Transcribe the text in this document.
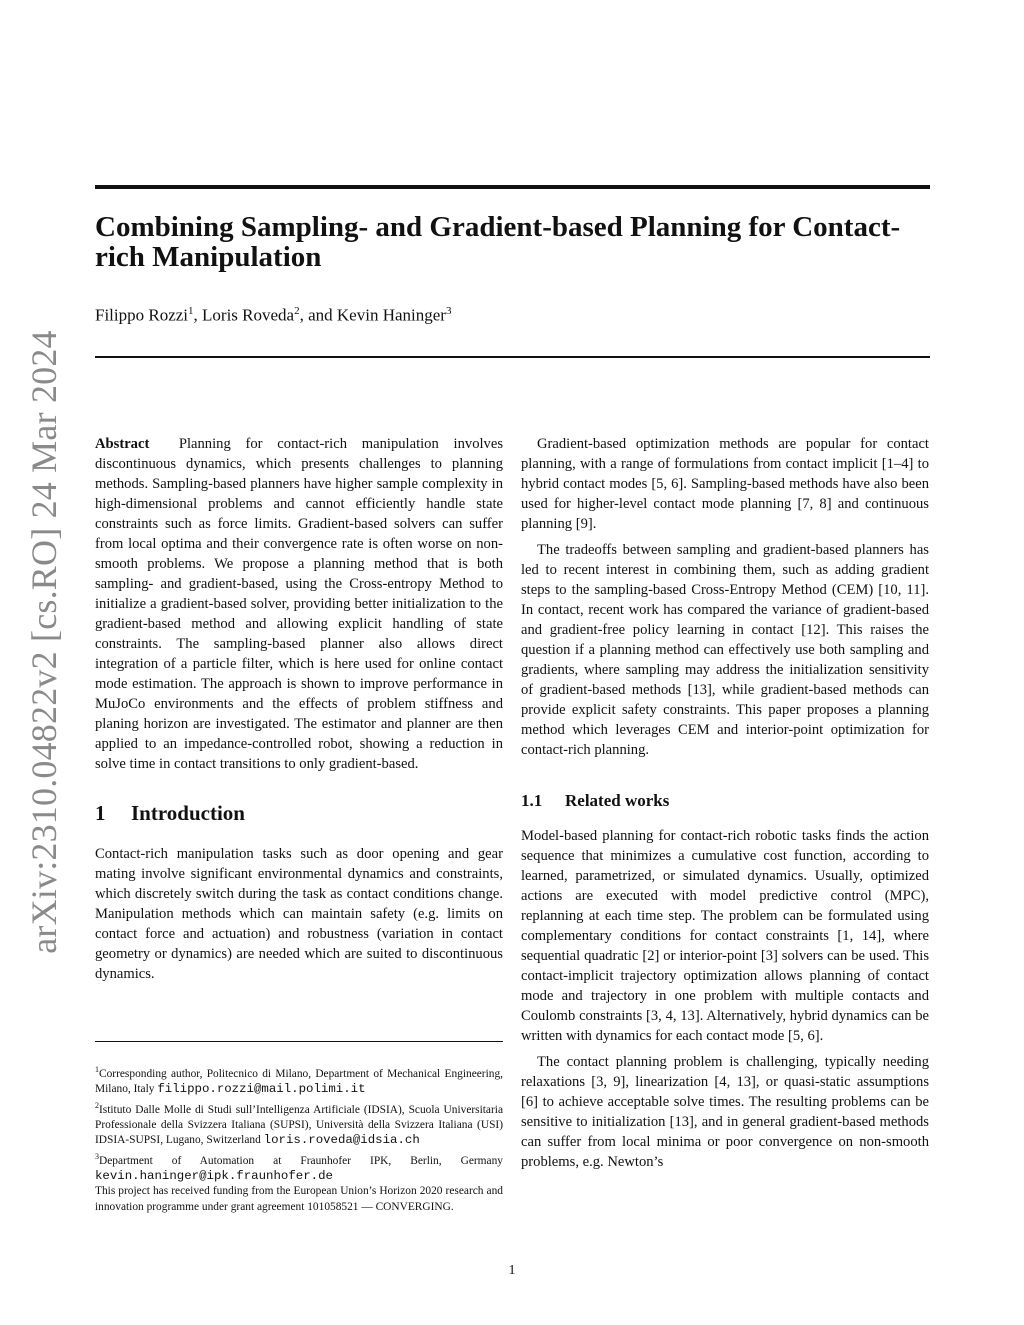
arXiv:2310.04822v2 [cs.RO] 24 Mar 2024
Combining Sampling- and Gradient-based Planning for Contact-rich Manipulation
Filippo Rozzi$^1$, Loris Roveda$^2$, and Kevin Haninger$^3$

Abstract Planning for contact-rich manipulation involves discontinuous dynamics, which presents challenges to planning methods. Sampling-based planners have higher sample complexity in high-dimensional problems and cannot efficiently handle state constraints such as force limits. Gradient-based solvers can suffer from local optima and their convergence rate is often worse on non-smooth problems. We propose a planning method that is both sampling- and gradient-based, using the Cross-entropy Method to initialize a gradient-based solver, providing better initialization to the gradient-based method and allowing explicit handling of state constraints. The sampling-based planner also allows direct integration of a particle filter, which is here used for online contact mode estimation. The approach is shown to improve performance in MuJoCo environments and the effects of problem stiffness and planing horizon are investigated. The estimator and planner are then applied to an impedance-controlled robot, showing a reduction in solve time in contact transitions to only gradient-based.

1 Introduction

Contact-rich manipulation tasks such as door opening and gear mating involve significant environmental dynamics and constraints, which discretely switch during the task as contact conditions change. Manipulation methods which can maintain safety (e.g. limits on contact force and actuation) and robustness (variation in contact geometry or dynamics) are needed which are suited to discontinuous dynamics.

$^1$Corresponding author, Politecnico di Milano, Department of Mechanical Engineering, Milano, Italy filippo.rozzi@mail.polimi.it

$^2$Istituto Dalle Molle di Studi sull’Intelligenza Artificiale (IDSIA), Scuola Universitaria Professionale della Svizzera Italiana (SUPSI), Università della Svizzera Italiana (USI) IDSIA-SUPSI, Lugano, Switzerland loris.roveda@idsia.ch

$^3$Department of Automation at Fraunhofer IPK, Berlin, Germany kevin.haninger@ipk.fraunhofer.de

This project has received funding from the European Union’s Horizon 2020 research and innovation programme under grant agreement 101058521 — CONVERGING.

Gradient-based optimization methods are popular for contact planning, with a range of formulations from contact implicit [1–4] to hybrid contact modes [5, 6]. Sampling-based methods have also been used for higher-level contact mode planning [7, 8] and continuous planning [9].

The tradeoffs between sampling and gradient-based planners has led to recent interest in combining them, such as adding gradient steps to the sampling-based Cross-Entropy Method (CEM) [10, 11]. In contact, recent work has compared the variance of gradient-based and gradient-free policy learning in contact [12]. This raises the question if a planning method can effectively use both sampling and gradients, where sampling may address the initialization sensitivity of gradient-based methods [13], while gradient-based methods can provide explicit safety constraints. This paper proposes a planning method which leverages CEM and interior-point optimization for contact-rich planning.

1.1 Related works

Model-based planning for contact-rich robotic tasks finds the action sequence that minimizes a cumulative cost function, according to learned, parametrized, or simulated dynamics. Usually, optimized actions are executed with model predictive control (MPC), replanning at each time step. The problem can be formulated using complementary conditions for contact constraints [1, 14], where sequential quadratic [2] or interior-point [3] solvers can be used. This contact-implicit trajectory optimization allows planning of contact mode and trajectory in one problem with multiple contacts and Coulomb constraints [3, 4, 13]. Alternatively, hybrid dynamics can be written with dynamics for each contact mode [5, 6].

The contact planning problem is challenging, typically needing relaxations [3, 9], linearization [4, 13], or quasi-static assumptions [6] to achieve acceptable solve times. The resulting problems can be sensitive to initialization [13], and in general gradient-based methods can suffer from local minima or poor convergence on non-smooth problems, e.g. Newton’s

1
